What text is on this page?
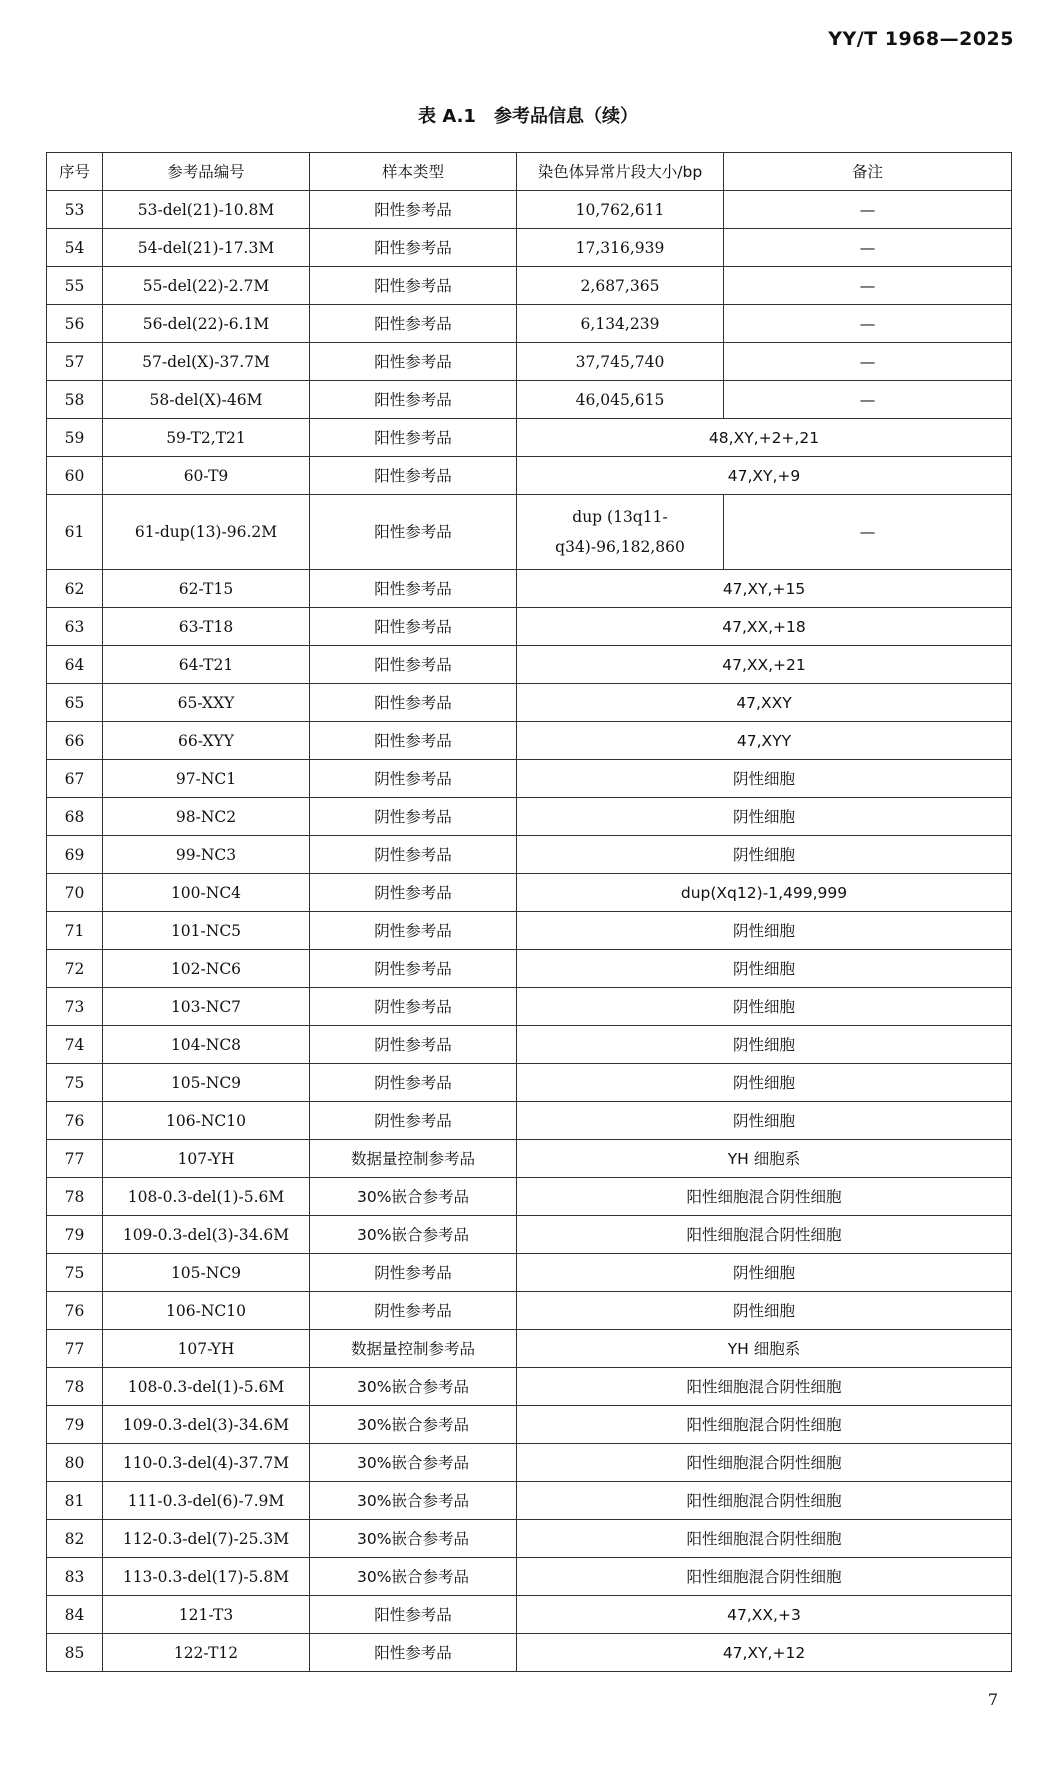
YY/T 1968—2025
表 A.1　参考品信息（续）
序号	参考品编号	样本类型	染色体异常片段大小/bp	备注
53	53-del(21)-10.8M	阳性参考品	10,762,611	—
54	54-del(21)-17.3M	阳性参考品	17,316,939	—
55	55-del(22)-2.7M	阳性参考品	2,687,365	—
56	56-del(22)-6.1M	阳性参考品	6,134,239	—
57	57-del(X)-37.7M	阳性参考品	37,745,740	—
58	58-del(X)-46M	阳性参考品	46,045,615	—
59	59-T2,T21	阳性参考品	48,XY,+2+,21	
60	60-T9	阳性参考品	47,XY,+9	
61	61-dup(13)-96.2M	阳性参考品	dup (13q11-q34)-96,182,860	—
62	62-T15	阳性参考品	47,XY,+15	
63	63-T18	阳性参考品	47,XX,+18	
64	64-T21	阳性参考品	47,XX,+21	
65	65-XXY	阳性参考品	47,XXY	
66	66-XYY	阳性参考品	47,XYY	
67	97-NC1	阴性参考品	阴性细胞	
68	98-NC2	阴性参考品	阴性细胞	
69	99-NC3	阴性参考品	阴性细胞	
70	100-NC4	阴性参考品	dup(Xq12)-1,499,999	
71	101-NC5	阴性参考品	阴性细胞	
72	102-NC6	阴性参考品	阴性细胞	
73	103-NC7	阴性参考品	阴性细胞	
74	104-NC8	阴性参考品	阴性细胞	
75	105-NC9	阴性参考品	阴性细胞	
76	106-NC10	阴性参考品	阴性细胞	
77	107-YH	数据量控制参考品	YH 细胞系	
78	108-0.3-del(1)-5.6M	30%嵌合参考品	阳性细胞混合阴性细胞	
79	109-0.3-del(3)-34.6M	30%嵌合参考品	阳性细胞混合阴性细胞	
75	105-NC9	阴性参考品	阴性细胞	
76	106-NC10	阴性参考品	阴性细胞	
77	107-YH	数据量控制参考品	YH 细胞系	
78	108-0.3-del(1)-5.6M	30%嵌合参考品	阳性细胞混合阴性细胞	
79	109-0.3-del(3)-34.6M	30%嵌合参考品	阳性细胞混合阴性细胞	
80	110-0.3-del(4)-37.7M	30%嵌合参考品	阳性细胞混合阴性细胞	
81	111-0.3-del(6)-7.9M	30%嵌合参考品	阳性细胞混合阴性细胞	
82	112-0.3-del(7)-25.3M	30%嵌合参考品	阳性细胞混合阴性细胞	
83	113-0.3-del(17)-5.8M	30%嵌合参考品	阳性细胞混合阴性细胞	
84	121-T3	阳性参考品	47,XX,+3	
85	122-T12	阳性参考品	47,XY,+12	
7
